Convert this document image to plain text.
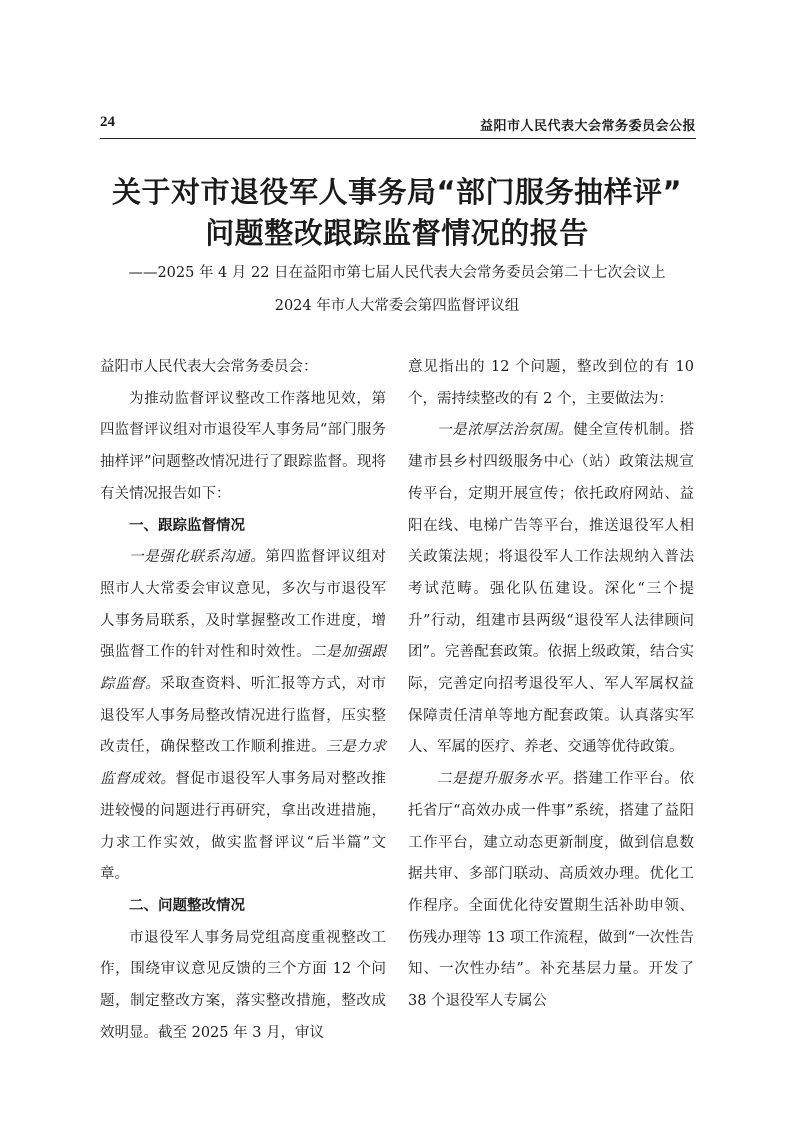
24	益阳市人民代表大会常务委员会公报
关于对市退役军人事务局“部门服务抽样评”
问题整改跟踪监督情况的报告
——2025 年 4 月 22 日在益阳市第七届人民代表大会常务委员会第二十七次会议上
2024 年市人大常委会第四监督评议组

益阳市人民代表大会常务委员会：

为推动监督评议整改工作落地见效，第四监督评议组对市退役军人事务局“部门服务抽样评”问题整改情况进行了跟踪监督。现将有关情况报告如下：

一、跟踪监督情况

一是强化联系沟通。第四监督评议组对照市人大常委会审议意见，多次与市退役军人事务局联系，及时掌握整改工作进度，增强监督工作的针对性和时效性。二是加强跟踪监督。采取查资料、听汇报等方式，对市退役军人事务局整改情况进行监督，压实整改责任，确保整改工作顺利推进。三是力求监督成效。督促市退役军人事务局对整改推进较慢的问题进行再研究，拿出改进措施，力求工作实效，做实监督评议“后半篇”文章。

二、问题整改情况

市退役军人事务局党组高度重视整改工作，围绕审议意见反馈的三个方面 12 个问题，制定整改方案，落实整改措施，整改成效明显。截至 2025 年 3 月，审议

意见指出的 12 个问题，整改到位的有 10 个，需持续整改的有 2 个，主要做法为：

一是浓厚法治氛围。健全宣传机制。搭建市县乡村四级服务中心（站）政策法规宣传平台，定期开展宣传；依托政府网站、益阳在线、电梯广告等平台，推送退役军人相关政策法规；将退役军人工作法规纳入普法考试范畴。强化队伍建设。深化“三个提升”行动，组建市县两级“退役军人法律顾问团”。完善配套政策。依据上级政策，结合实际，完善定向招考退役军人、军人军属权益保障责任清单等地方配套政策。认真落实军人、军属的医疗、养老、交通等优待政策。

二是提升服务水平。搭建工作平台。依托省厅“高效办成一件事”系统，搭建了益阳工作平台，建立动态更新制度，做到信息数据共审、多部门联动、高质效办理。优化工作程序。全面优化待安置期生活补助申领、伤残办理等 13 项工作流程，做到“一次性告知、一次性办结”。补充基层力量。开发了 38 个退役军人专属公
